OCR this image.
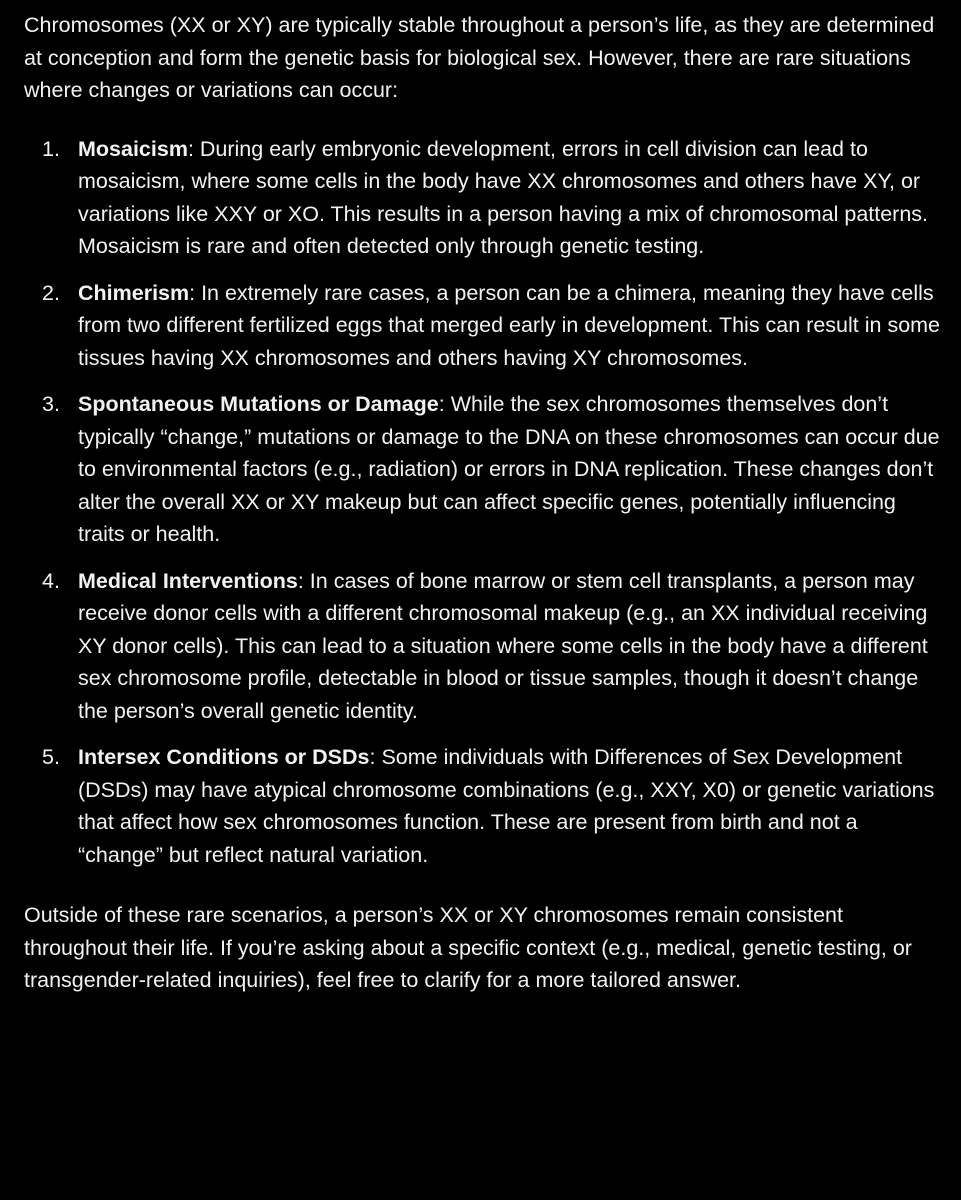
Chromosomes (XX or XY) are typically stable throughout a person’s life, as they are determined at conception and form the genetic basis for biological sex. However, there are rare situations where changes or variations can occur:

1. Mosaicism: During early embryonic development, errors in cell division can lead to mosaicism, where some cells in the body have XX chromosomes and others have XY, or variations like XXY or XO. This results in a person having a mix of chromosomal patterns. Mosaicism is rare and often detected only through genetic testing.
2. Chimerism: In extremely rare cases, a person can be a chimera, meaning they have cells from two different fertilized eggs that merged early in development. This can result in some tissues having XX chromosomes and others having XY chromosomes.
3. Spontaneous Mutations or Damage: While the sex chromosomes themselves don’t typically “change,” mutations or damage to the DNA on these chromosomes can occur due to environmental factors (e.g., radiation) or errors in DNA replication. These changes don’t alter the overall XX or XY makeup but can affect specific genes, potentially influencing traits or health.
4. Medical Interventions: In cases of bone marrow or stem cell transplants, a person may receive donor cells with a different chromosomal makeup (e.g., an XX individual receiving XY donor cells). This can lead to a situation where some cells in the body have a different sex chromosome profile, detectable in blood or tissue samples, though it doesn’t change the person’s overall genetic identity.
5. Intersex Conditions or DSDs: Some individuals with Differences of Sex Development (DSDs) may have atypical chromosome combinations (e.g., XXY, X0) or genetic variations that affect how sex chromosomes function. These are present from birth and not a “change” but reflect natural variation.

Outside of these rare scenarios, a person’s XX or XY chromosomes remain consistent throughout their life. If you’re asking about a specific context (e.g., medical, genetic testing, or transgender-related inquiries), feel free to clarify for a more tailored answer.
